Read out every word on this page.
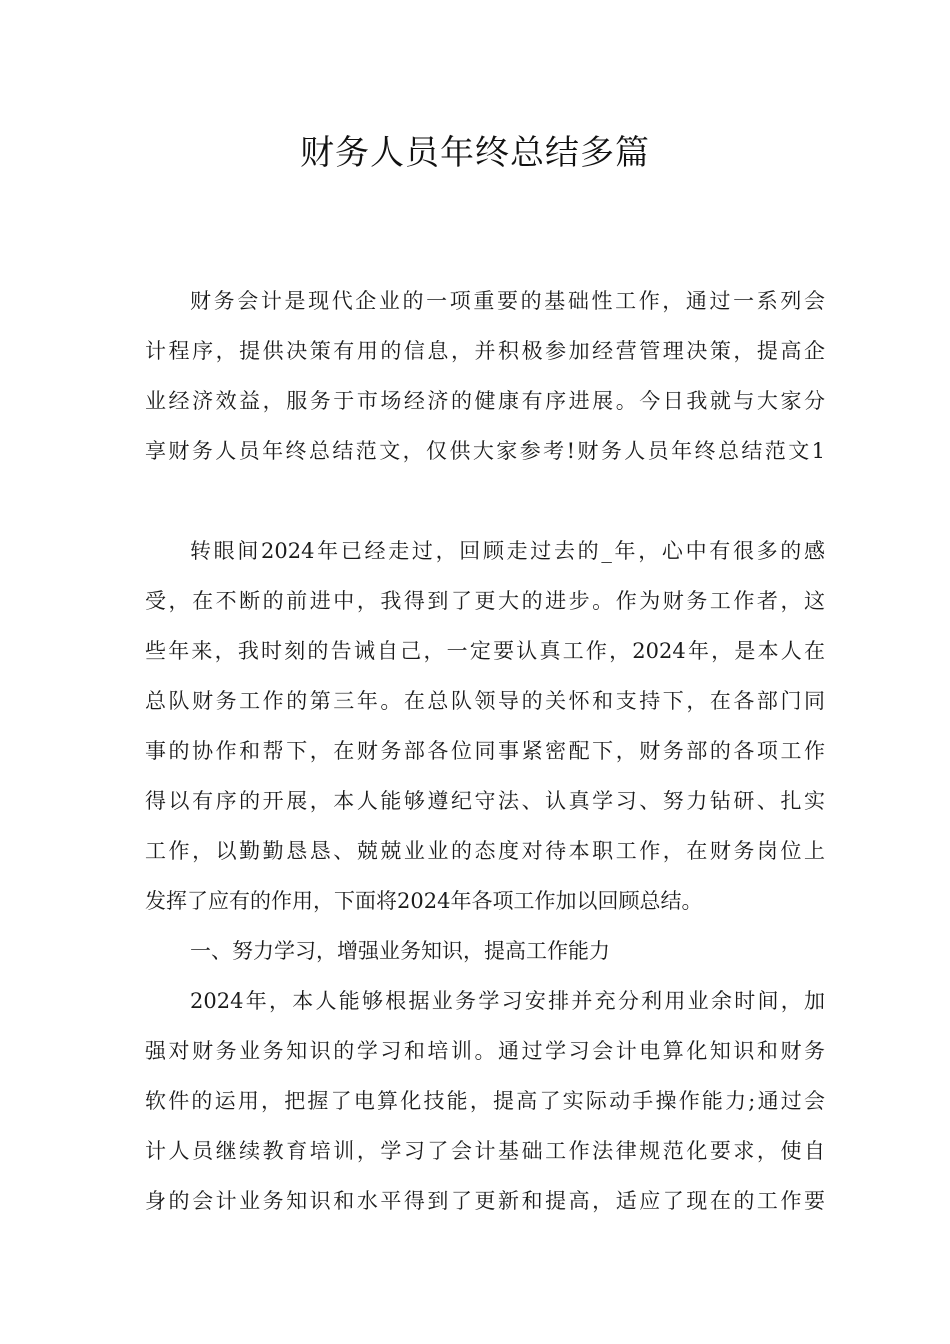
财务人员年终总结多篇
财务会计是现代企业的一项重要的基础性工作，通过一系列会
计程序，提供决策有用的信息，并积极参加经营管理决策，提高企
业经济效益，服务于市场经济的健康有序进展。今日我就与大家分
享财务人员年终总结范文，仅供大家参考!财务人员年终总结范文1
转眼间2024年已经走过，回顾走过去的_年，心中有很多的感
受，在不断的前进中，我得到了更大的进步。作为财务工作者，这
些年来，我时刻的告诫自己，一定要认真工作，2024年，是本人在
总队财务工作的第三年。在总队领导的关怀和支持下，在各部门同
事的协作和帮下，在财务部各位同事紧密配下，财务部的各项工作
得以有序的开展，本人能够遵纪守法、认真学习、努力钻研、扎实
工作，以勤勤恳恳、兢兢业业的态度对待本职工作，在财务岗位上
发挥了应有的作用，下面将2024年各项工作加以回顾总结。
一、努力学习，增强业务知识，提高工作能力
2024年，本人能够根据业务学习安排并充分利用业余时间，加
强对财务业务知识的学习和培训。通过学习会计电算化知识和财务
软件的运用，把握了电算化技能，提高了实际动手操作能力;通过会
计人员继续教育培训，学习了会计基础工作法律规范化要求，使自
身的会计业务知识和水平得到了更新和提高，适应了现在的工作要
